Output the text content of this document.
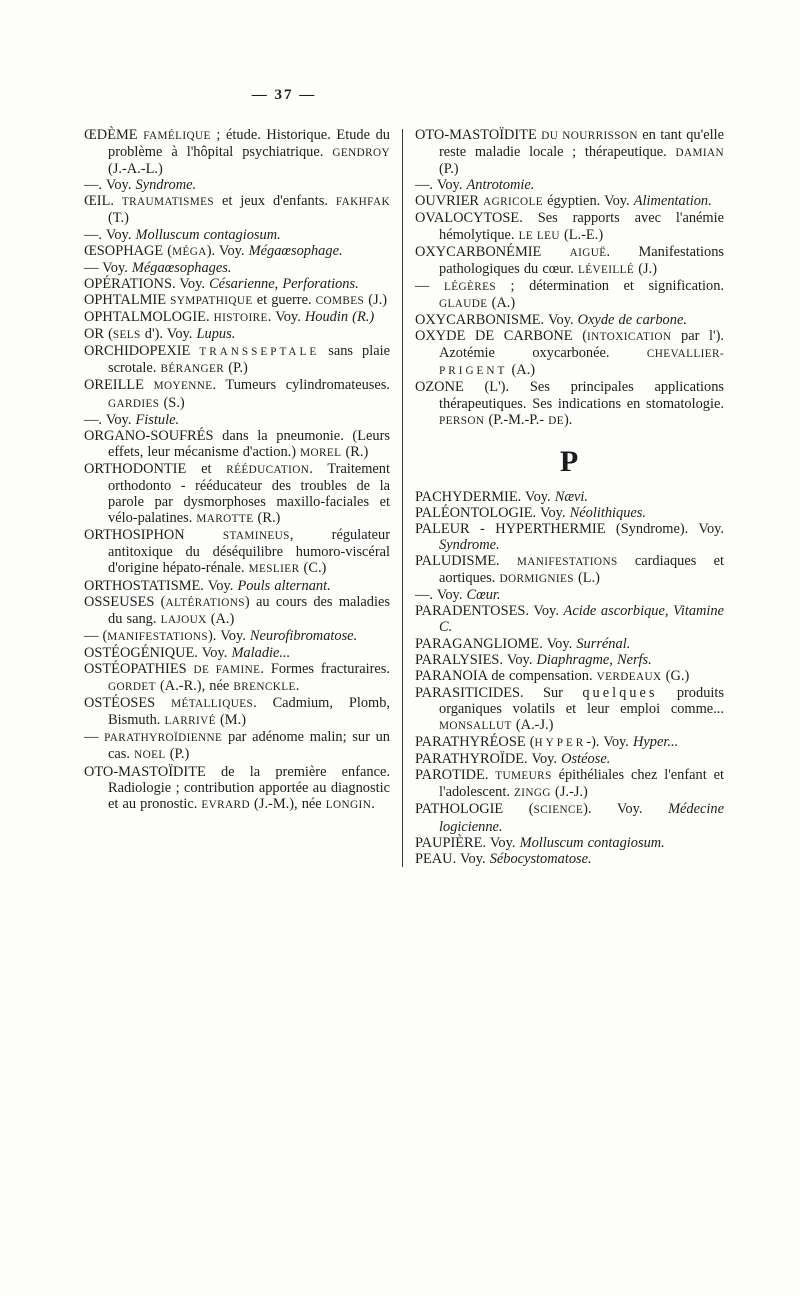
— 37 —

ŒDÈME FAMÉLIQUE ; étude. Historique. Etude du problème à l'hôpital psychiatrique. GENDROY (J.-A.-L.)

—. Voy. Syndrome.

ŒIL. TRAUMATISMES et jeux d'enfants. FAKHFAK (T.)

—. Voy. Molluscum contagiosum.

ŒSOPHAGE (MÉGA). Voy. Mégaœsophage.

— Voy. Mégaœsophages.

OPÉRATIONS. Voy. Césarienne, Perforations.

OPHTALMIE SYMPATHIQUE et guerre. COMBES (J.)

OPHTALMOLOGIE. HISTOIRE. Voy. Houdin (R.)

OR (SELS d'). Voy. Lupus.

ORCHIDOPEXIE TRANSSEPTALE sans plaie scrotale. BÉRANGER (P.)

OREILLE MOYENNE. Tumeurs cylindromateuses. GARDIES (S.)

—. Voy. Fistule.

ORGANO-SOUFRÉS dans la pneumonie. (Leurs effets, leur mécanisme d'action.) MOREL (R.)

ORTHODONTIE et RÉÉDUCATION. Traitement orthodonto - rééducateur des troubles de la parole par dysmorphoses maxillo-faciales et vélo-palatines. MAROTTE (R.)

ORTHOSIPHON STAMINEUS, régulateur antitoxique du déséquilibre humoro-viscéral d'origine hépato-rénale. MESLIER (C.)

ORTHOSTATISME. Voy. Pouls alternant.

OSSEUSES (ALTÉRATIONS) au cours des maladies du sang. LAJOUX (A.)

— (MANIFESTATIONS). Voy. Neurofibromatose.

OSTÉOGÉNIQUE. Voy. Maladie...

OSTÉOPATHIES DE FAMINE. Formes fracturaires. GORDET (A.-R.), née BRENCKLE.

OSTÉOSES MÉTALLIQUES. Cadmium, Plomb, Bismuth. LARRIVÉ (M.)

— PARATHYROÏDIENNE par adénome malin; sur un cas. NOEL (P.)

OTO-MASTOÏDITE de la première enfance. Radiologie ; contribution apportée au diagnostic et au pronostic. EVRARD (J.-M.), née LONGIN.

OTO-MASTOÏDITE DU NOURRISSON en tant qu'elle reste maladie locale ; thérapeutique. DAMIAN (P.)

—. Voy. Antrotomie.

OUVRIER AGRICOLE égyptien. Voy. Alimentation.

OVALOCYTOSE. Ses rapports avec l'anémie hémolytique. LE LEU (L.-E.)

OXYCARBONÉMIE AIGUË. Manifestations pathologiques du cœur. LÉVEILLÉ (J.)

— LÉGÈRES ; détermination et signification. GLAUDE (A.)

OXYCARBONISME. Voy. Oxyde de carbone.

OXYDE DE CARBONE (INTOXICATION par l'). Azotémie oxycarbonée. CHEVALLIER-PRIGENT (A.)

OZONE (L'). Ses principales applications thérapeutiques. Ses indications en stomatologie. PERSON (P.-M.-P.- DE).

P

PACHYDERMIE. Voy. Nævi.

PALÉONTOLOGIE. Voy. Néolithiques.

PALEUR - HYPERTHERMIE (Syndrome). Voy. Syndrome.

PALUDISME. MANIFESTATIONS cardiaques et aortiques. DORMIGNIES (L.)

—. Voy. Cœur.

PARADENTOSES. Voy. Acide ascorbique, Vitamine C.

PARAGANGLIOME. Voy. Surrénal.

PARALYSIES. Voy. Diaphragme, Nerfs.

PARANOIA de compensation. VERDEAUX (G.)

PARASITICIDES. Sur quelques produits organiques volatils et leur emploi comme... MONSALLUT (A.-J.)

PARATHYRÉOSE (HYPER-). Voy. Hyper...

PARATHYROÏDE. Voy. Ostéose.

PAROTIDE. TUMEURS épithéliales chez l'enfant et l'adolescent. ZINGG (J.-J.)

PATHOLOGIE (SCIENCE). Voy. Médecine logicienne.

PAUPIÈRE. Voy. Molluscum contagiosum.

PEAU. Voy. Sébocystomatose.
